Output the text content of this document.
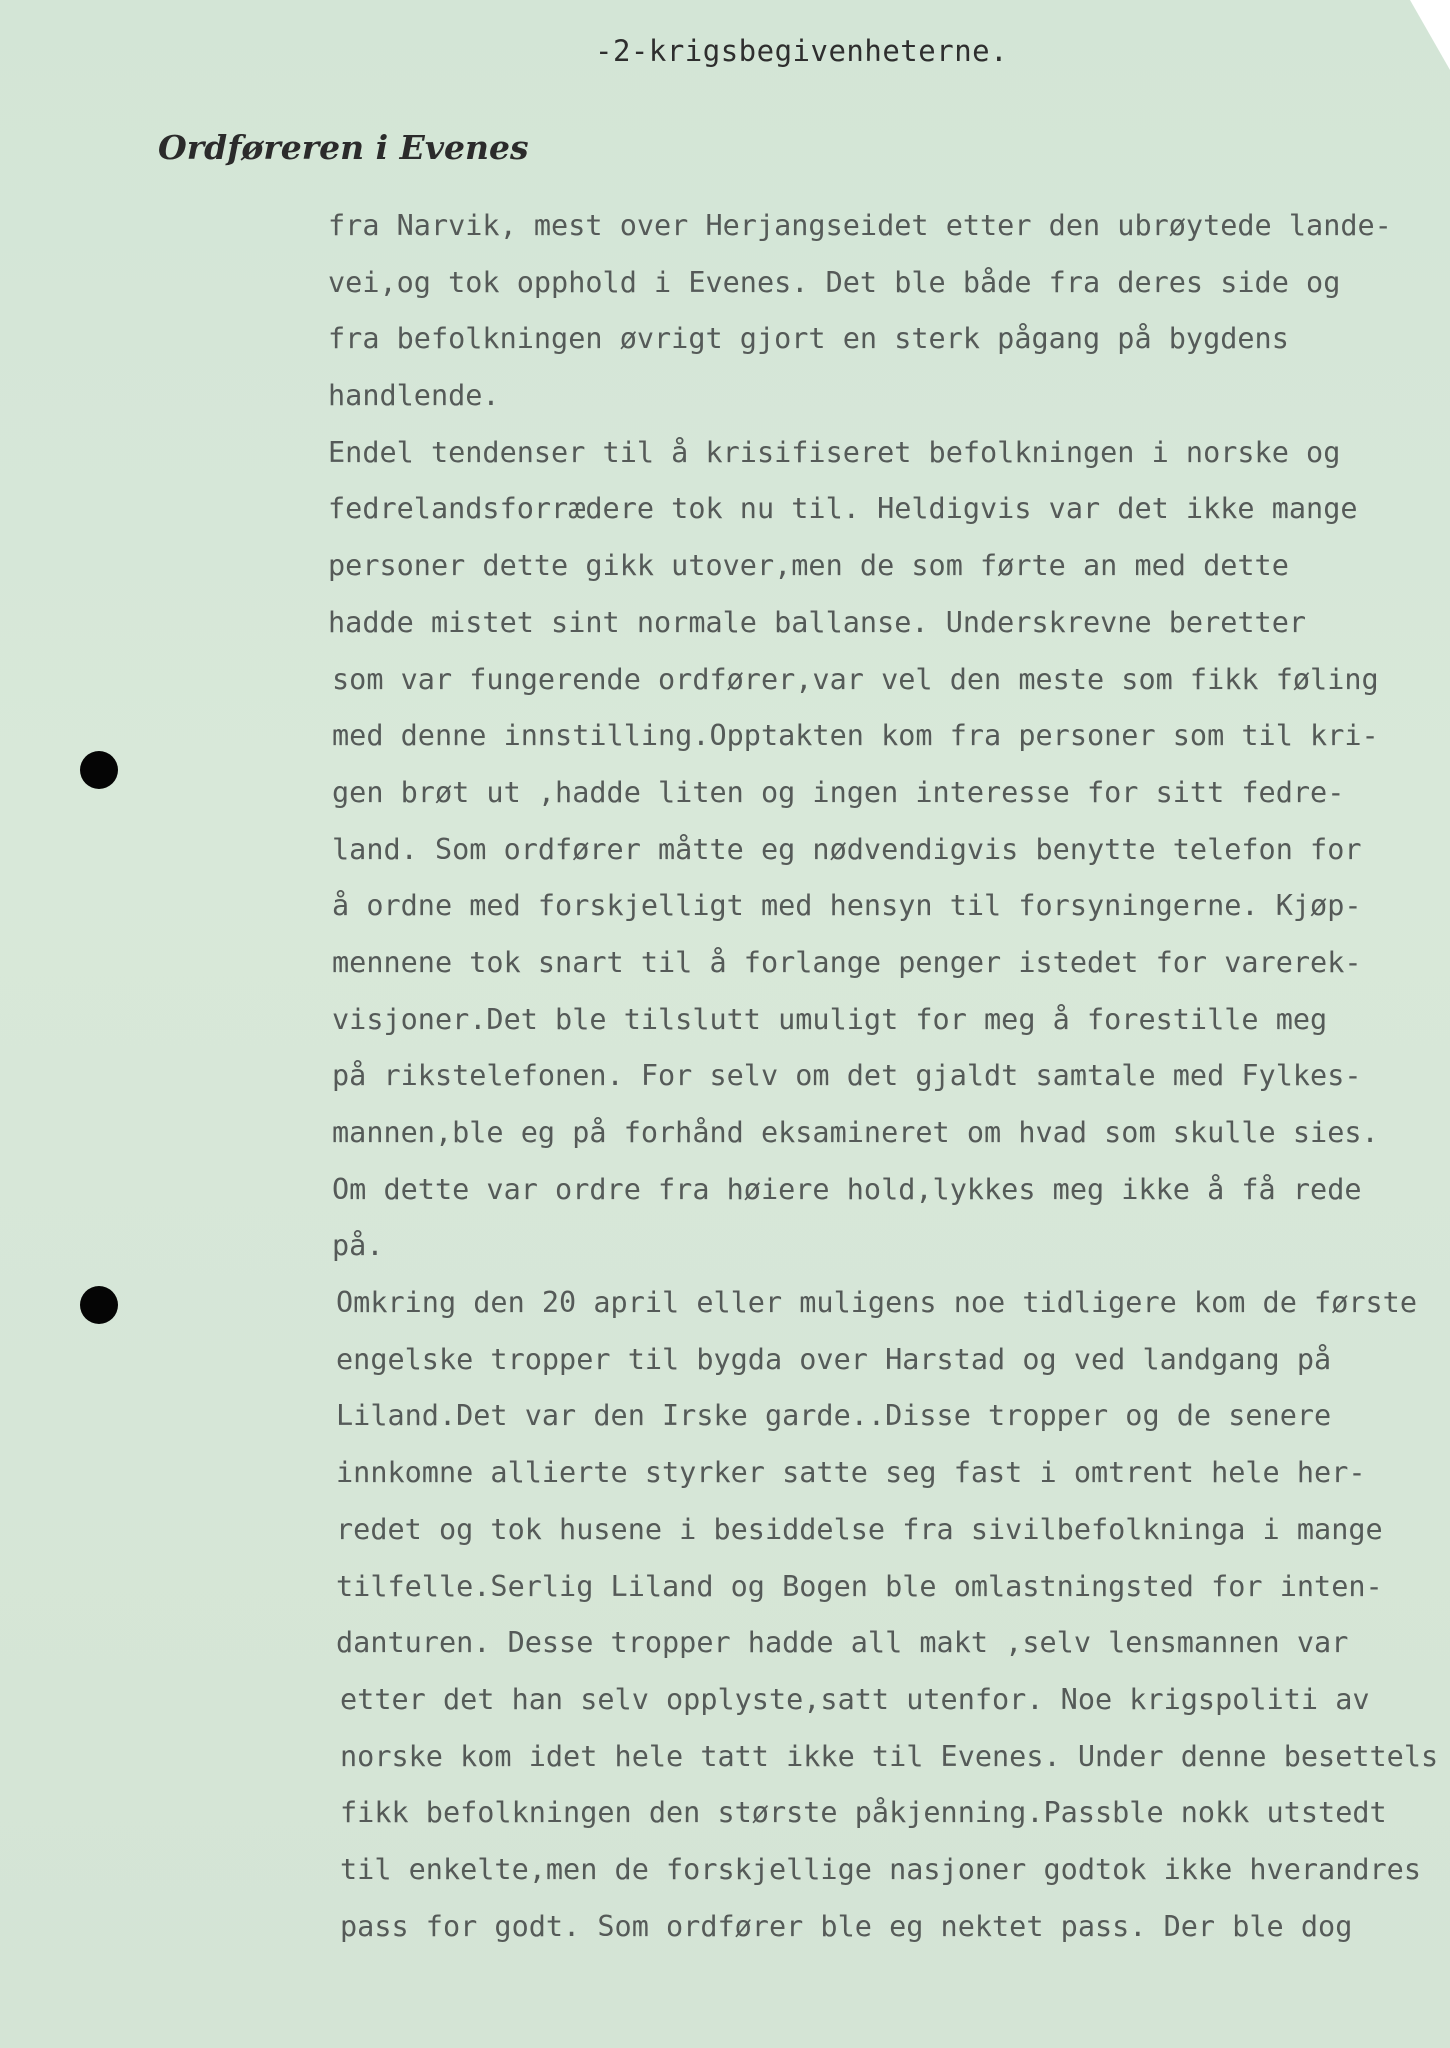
-2-krigsbegivenheterne.
Ordføreren i Evenes
fra Narvik, mest over Herjangseidet etter den ubrøytede lande-
vei,og tok opphold i Evenes. Det ble både fra deres side og
fra befolkningen øvrigt gjort en sterk pågang på bygdens
handlende.
Endel tendenser til å krisifiseret befolkningen i norske og
fedrelandsforrædere tok nu til. Heldigvis var det ikke mange
personer dette gikk utover,men de som førte an med dette
hadde mistet sint normale ballanse. Underskrevne beretter
som var fungerende ordfører,var vel den meste som fikk føling
med denne innstilling.Opptakten kom fra personer som til kri-
gen brøt ut ,hadde liten og ingen interesse for sitt fedre-
land. Som ordfører måtte eg nødvendigvis benytte telefon for
å ordne med forskjelligt med hensyn til forsyningerne. Kjøp-
mennene tok snart til å forlange penger istedet for varerek-
visjoner.Det ble tilslutt umuligt for meg å forestille meg
på rikstelefonen. For selv om det gjaldt samtale med Fylkes-
mannen,ble eg på forhånd eksamineret om hvad som skulle sies.
Om dette var ordre fra høiere hold,lykkes meg ikke å få rede
på.
Omkring den 20 april eller muligens noe tidligere kom de første
engelske tropper til bygda over Harstad og ved landgang på
Liland.Det var den Irske garde..Disse tropper og de senere
innkomne allierte styrker satte seg fast i omtrent hele her-
redet og tok husene i besiddelse fra sivilbefolkninga i mange
tilfelle.Serlig Liland og Bogen ble omlastningsted for inten-
danturen. Desse tropper hadde all makt ,selv lensmannen var
etter det han selv opplyste,satt utenfor. Noe krigspoliti av
norske kom idet hele tatt ikke til Evenes. Under denne besettels
fikk befolkningen den største påkjenning.Passble nokk utstedt
til enkelte,men de forskjellige nasjoner godtok ikke hverandres
pass for godt. Som ordfører ble eg nektet pass. Der ble dog
